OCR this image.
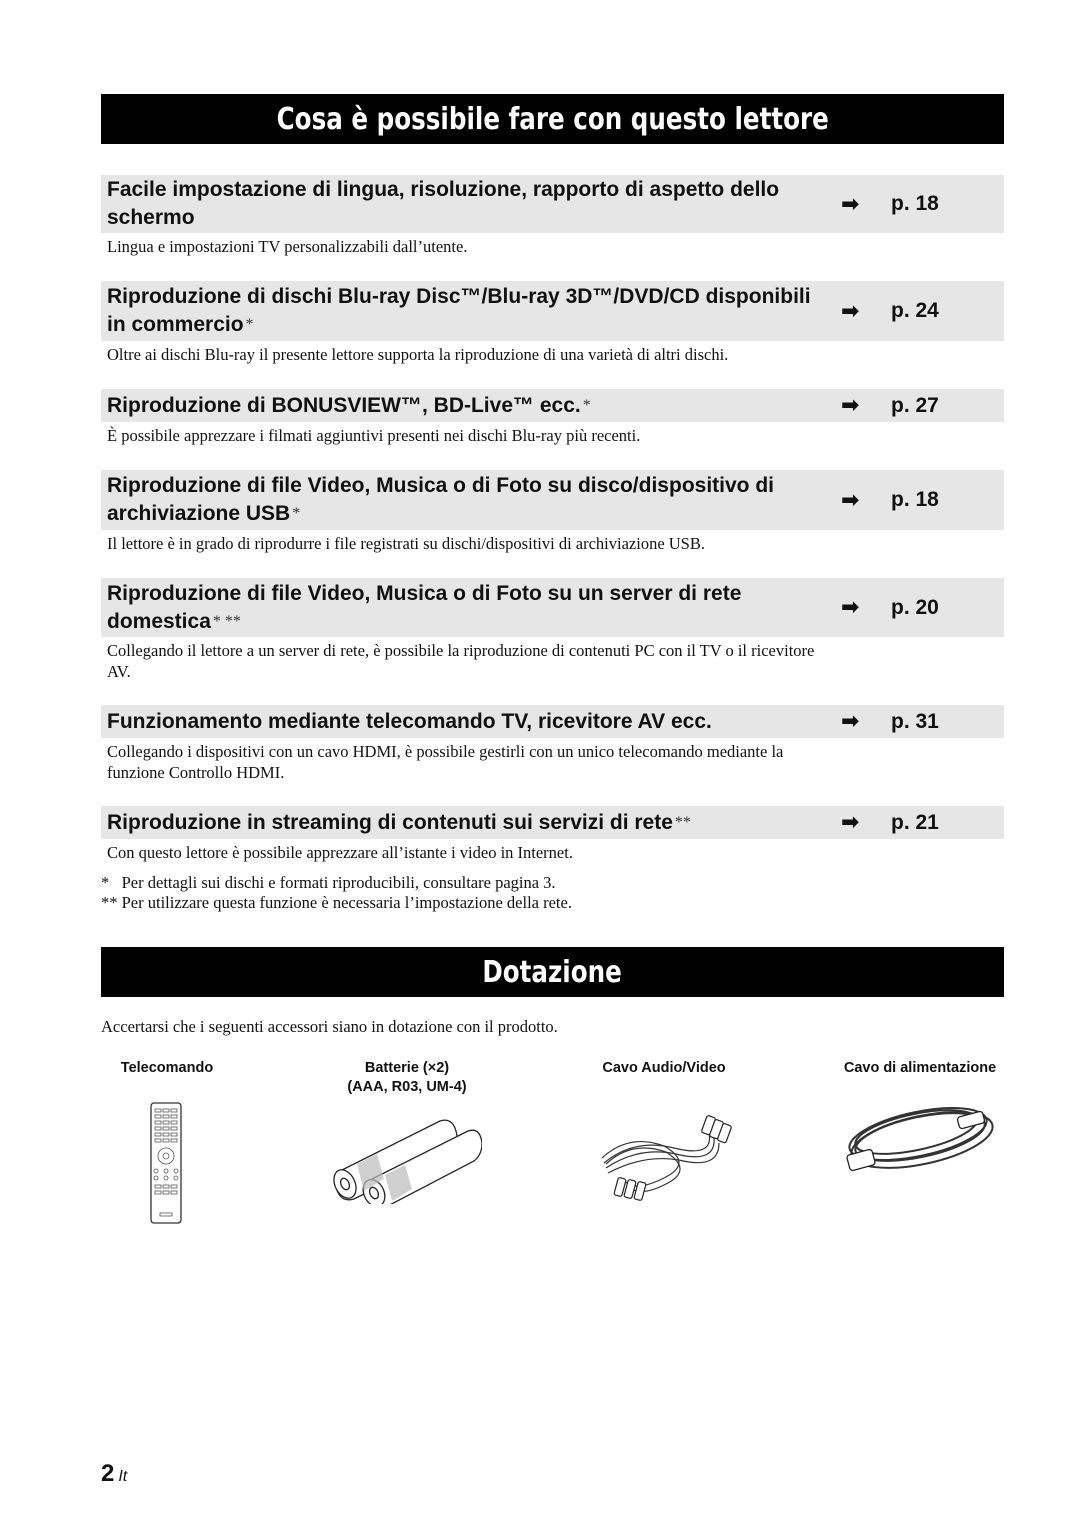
Cosa è possibile fare con questo lettore
Facile impostazione di lingua, risoluzione, rapporto di aspetto dello schermo
➡ p. 18
Lingua e impostazioni TV personalizzabili dall’utente.
Riproduzione di dischi Blu-ray Disc™/Blu-ray 3D™/DVD/CD disponibili in commercio *
➡ p. 24
Oltre ai dischi Blu-ray il presente lettore supporta la riproduzione di una varietà di altri dischi.
Riproduzione di BONUSVIEW™, BD-Live™ ecc. *	➡ p. 27
È possibile apprezzare i filmati aggiuntivi presenti nei dischi Blu-ray più recenti.
Riproduzione di file Video, Musica o di Foto su disco/dispositivo di archiviazione USB *
➡ p. 18
Il lettore è in grado di riprodurre i file registrati su dischi/dispositivi di archiviazione USB.
Riproduzione di file Video, Musica o di Foto su un server di rete domestica * **
➡ p. 20
Collegando il lettore a un server di rete, è possibile la riproduzione di contenuti PC con il TV o il ricevitore AV.
Funzionamento mediante telecomando TV, ricevitore AV ecc.	➡ p. 31
Collegando i dispositivi con un cavo HDMI, è possibile gestirli con un unico telecomando mediante la funzione Controllo HDMI.
Riproduzione in streaming di contenuti sui servizi di rete **	➡ p. 21
Con questo lettore è possibile apprezzare all’istante i video in Internet.
*   Per dettagli sui dischi e formati riproducibili, consultare pagina 3.
** Per utilizzare questa funzione è necessaria l’impostazione della rete.
Dotazione
Accertarsi che i seguenti accessori siano in dotazione con il prodotto.
Telecomando	Batterie (×2)
(AAA, R03, UM-4)
Cavo Audio/Video	Cavo di alimentazione
2 It
